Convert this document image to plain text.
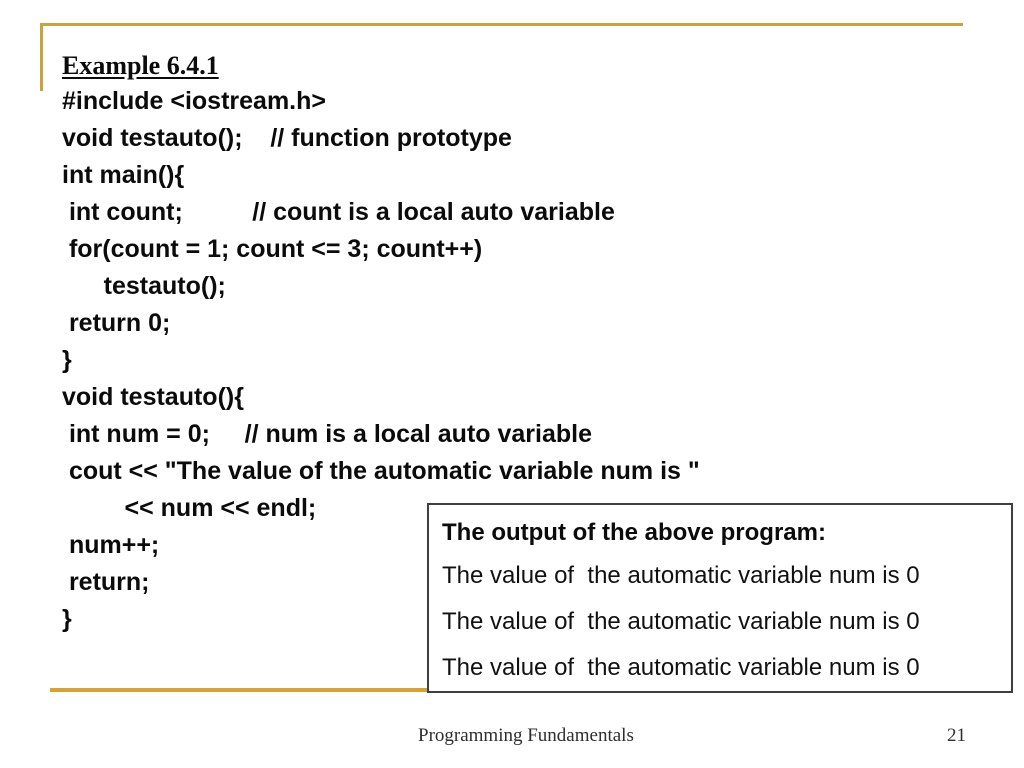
Example 6.4.1
#include <iostream.h>
void testauto();    // function prototype
int main(){
int count;          // count is a local auto variable
for(count = 1; count <= 3; count++)
testauto();
return 0;
}
void testauto(){
int num = 0;     // num is a local auto variable
cout << "The value of the automatic variable num is "
<< num << endl;
num++;
return;
}
The output of the above program:
The value of  the automatic variable num is 0
The value of  the automatic variable num is 0
The value of  the automatic variable num is 0
Programming Fundamentals	21
